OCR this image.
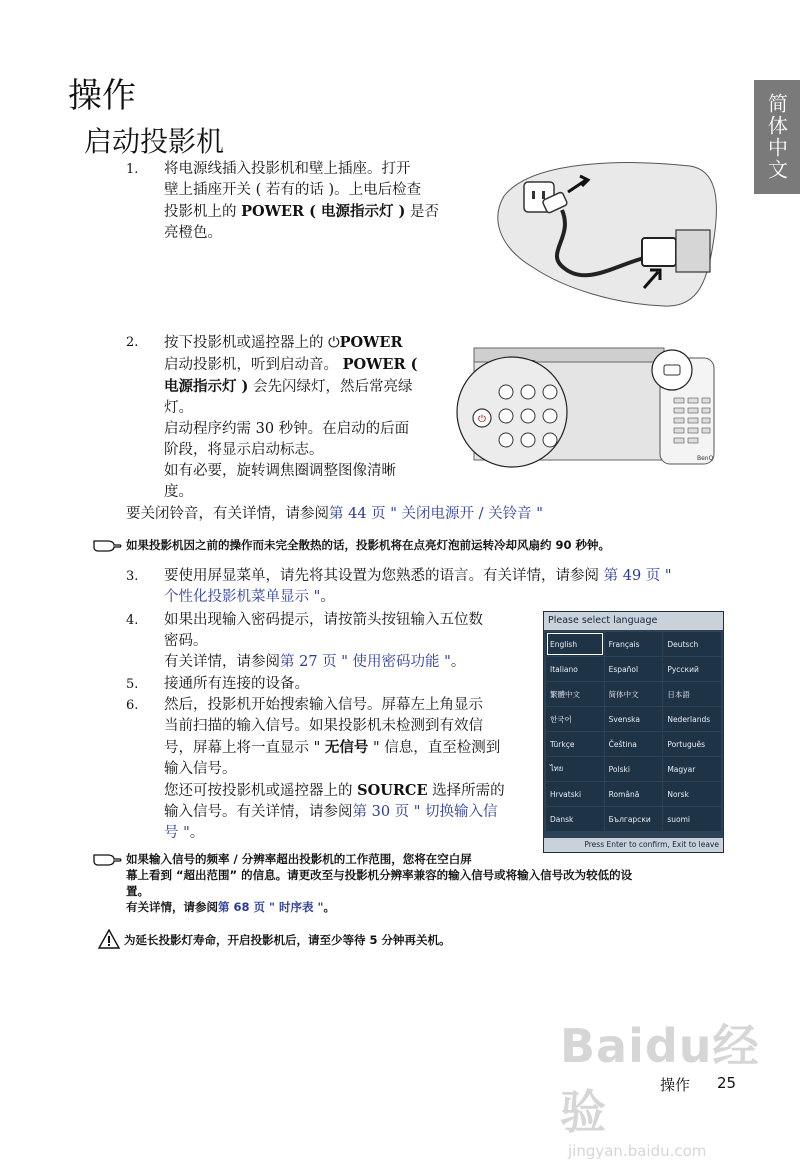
简体中文
操作
启动投影机
1. 将电源线插入投影机和壁上插座。打开
壁上插座开关 ( 若有的话 )。上电后检查
投影机上的 POWER ( 电源指示灯 ) 是否
亮橙色。
2. 按下投影机或遥控器上的 ⏻POWER
启动投影机，听到启动音。 POWER (
电源指示灯 ) 会先闪绿灯，然后常亮绿
灯。
启动程序约需 30 秒钟。在启动的后面
阶段，将显示启动标志。
如有必要，旋转调焦圈调整图像清晰
度。
⏻
BenQ
要关闭铃音，有关详情，请参阅第 44 页 " 关闭电源开 / 关铃音 "
如果投影机因之前的操作而未完全散热的话，投影机将在点亮灯泡前运转冷却风扇约 90 秒钟。
3. 要使用屏显菜单，请先将其设置为您熟悉的语言。有关详情，请参阅 第 49 页 "
个性化投影机菜单显示 "。
4. 如果出现输入密码提示，请按箭头按钮输入五位数
密码。
有关详情，请参阅第 27 页 " 使用密码功能 "。
5. 接通所有连接的设备。
6. 然后，投影机开始搜索输入信号。屏幕左上角显示
当前扫描的输入信号。如果投影机未检测到有效信
号，屏幕上将一直显示 " 无信号 " 信息，直至检测到
输入信号。
您还可按投影机或遥控器上的 SOURCE 选择所需的
输入信号。有关详情，请参阅第 30 页 " 切换输入信
号 "。
Please select language
English	Français	Deutsch
Italiano	Español	Русский
繁體中文	简体中文	日本語
한국어	Svenska	Nederlands
Türkçe	Čeština	Português
ไทย	Polski	Magyar
Hrvatski	Română	Norsk
Dansk	Български	suomi
Press Enter to confirm, Exit to leave
如果输入信号的频率 / 分辨率超出投影机的工作范围，您将在空白屏
幕上看到 “超出范围” 的信息。请更改至与投影机分辨率兼容的输入信号或将输入信号改为较低的设
置。
有关详情，请参阅第 68 页 " 时序表 "。
为延长投影灯寿命，开启投影机后，请至少等待 5 分钟再关机。
Baidu经验
jingyan.baidu.com
操作 25
